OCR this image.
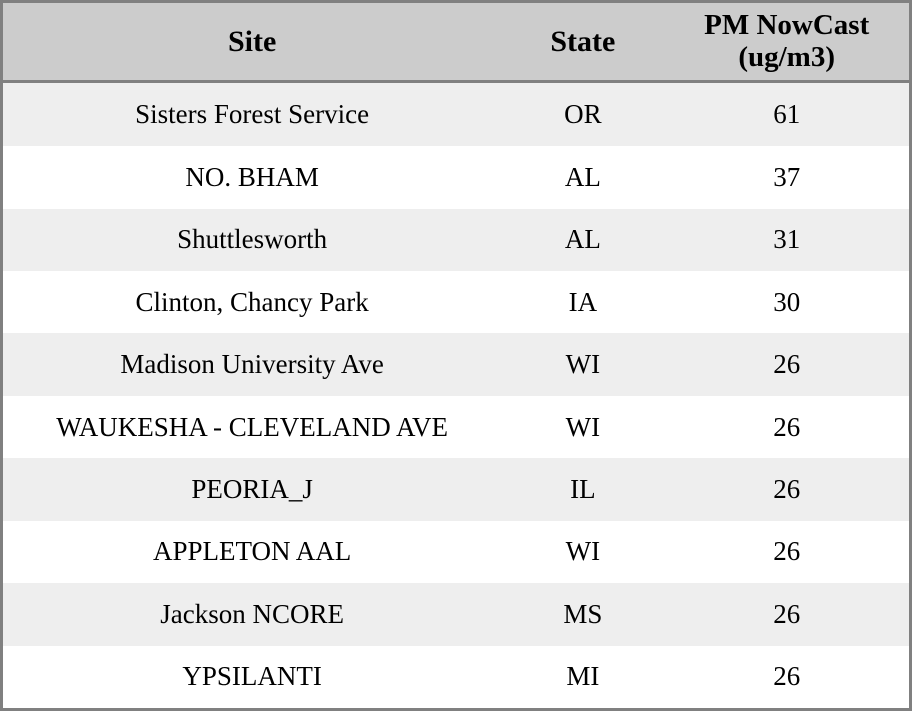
Site	State	PM NowCast (ug/m3)
Sisters Forest Service	OR	61
NO. BHAM	AL	37
Shuttlesworth	AL	31
Clinton, Chancy Park	IA	30
Madison University Ave	WI	26
WAUKESHA - CLEVELAND AVE	WI	26
PEORIA_J	IL	26
APPLETON AAL	WI	26
Jackson NCORE	MS	26
YPSILANTI	MI	26
